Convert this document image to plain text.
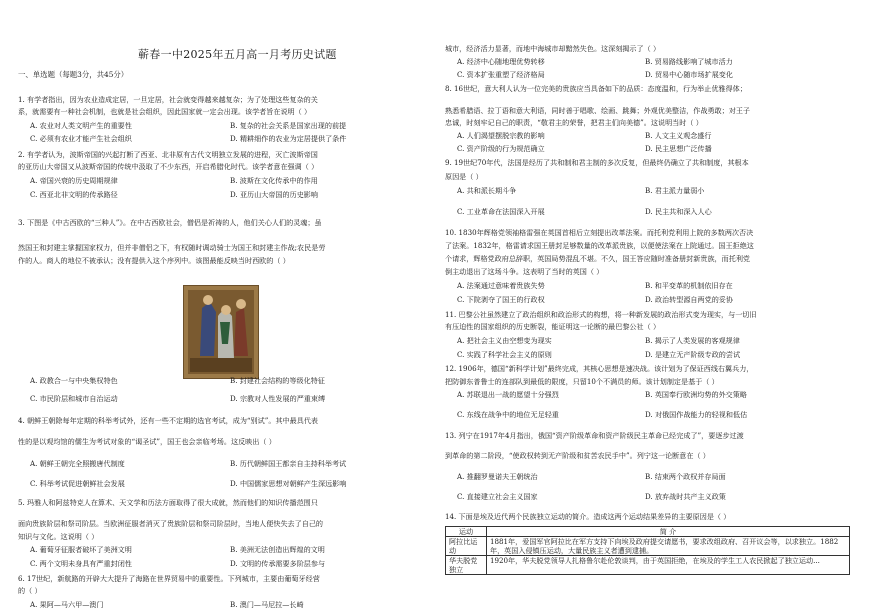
蕲春一中2025年五月高一月考历史试题
一、单选题（每题3分，共45分）
1. 有学者指出，因为农业造成定居，一旦定居，社会就变得越来越复杂；为了处理这些复杂的关
系，就需要有一种社会机制，也就是社会组织，因此国家就一定会出现。该学者旨在说明（ ）
A. 农业对人类文明产生的重要性	B. 复杂的社会关系是国家出现的前提
C. 必须有农业才能产生社会组织	D. 精耕细作的农业为定居提供了条件
2. 有学者认为，波斯帝国的兴起打断了西亚、北非原有古代文明独立发展的进程，灭亡波斯帝国
的亚历山大帝国又从波斯帝国的传统中汲取了不少东西，开启希腊化时代。该学者意在强调（ ）
A. 帝国兴衰的历史周期规律	B. 波斯在文化传承中的作用
C. 西亚北非文明的传承路径	D. 亚历山大帝国的历史影响
3. 下图是《中古西欧的“三种人”》。在中古西欧社会，僧侣是祈祷的人，他们关心人们的灵魂；虽
然国王和封建主掌握国家权力，但并非僧侣之下，有权随时调动骑士为国王和封建主作战;农民是劳
作的人。商人的地位不被承认；没有提供入这个序列中。该图最能反映当时西欧的（ ）
A. 政教合一与中央集权特色	B. 封建社会结构的等级化特征
C. 市民阶层和城市自治运动	D. 宗教对人性发展的严重束缚
4. 朝鲜王朝除每年定期的科举考试外，还有一些不定期的选官考试，成为“别试”。其中最具代表
性的是以观均馆的儒生为考试对象的“谒圣试”，国王也会亲临考场。这反映出（ ）
A. 朝鲜王朝完全照搬唐代制度	B. 历代朝鲜国王都亲自主持科举考试
C. 科举考试促进朝鲜社会发展	D. 中国儒家思想对朝鲜产生深远影响
5. 玛雅人和阿兹特克人在算术、天文学和历法方面取得了很大成就，然而他们的知识传播范围只
面向贵族阶层和祭司阶层。当欧洲征服者消灭了贵族阶层和祭司阶层时，当地人便快失去了自己的
知识与文化。这说明（ ）
A. 葡萄牙征服者破坏了美洲文明	B. 美洲无法创造出辉煌的文明
C. 两个文明未身具有严重封闭性	D. 文明的传承需要多阶层参与
6. 17世纪，新航路的开辟大大提升了海路在世界贸易中的重要性。下列城市，主要由葡萄牙经营
的（ ）
A. 果阿—马六甲—澳门	B. 澳门—马尼拉—长崎
城市，经济活力显著，而地中海城市却黯然失色。这深刻揭示了（ ）
A. 经济中心随地理优势转移	B. 贸易路线影响了城市活力
C. 资本扩张重塑了经济格局	D. 贸易中心随市场扩展变化
8. 16世纪，意大利人认为一位完美的贵族应当具备如下的品质：态度温和，行为举止优雅得体；
熟悉希腊语、拉丁语和意大利语，同时善于唱歌、绘画、跳舞；外观优美整洁，作战勇敢；对王子
忠诚，时刻牢记自己的职责，“敬君主的荣誉，把君主们向美德”。这说明当时（ ）
A. 人们渴望摆脱宗教的影响	B. 人文主义观念盛行
C. 资产阶级的行为规范确立	D. 民主思想广泛传播
9. 19世纪70年代，法国是经历了共和制和君主制的多次反复，但最终仍确立了共和制度，其根本
原因是（ ）
A. 共和派长期斗争	B. 君主派力量弱小
C. 工业革命在法国深入开展	D. 民主共和深入人心
10. 1830年辉格党领袖格雷强在英国首相后立刻提出改革法案。而托利党利用上院的多数两次否决
了法案。1832年，格雷请求国王册封足够数量的改革派贵族，以便使法案在上院通过。国王拒绝这
个请求，辉格党政府总辞职，英国局势混乱不堪。不久，国王答应随时准备册封新贵族，而托利党
倒主动退出了这场斗争。这表明了当时的英国（ ）
A. 法案通过意味着贵族失势	B. 和平变革的机制依旧存在
C. 下院剥夺了国王的行政权	D. 政治转型源自两党的妥协
11. 巴黎公社虽然建立了政治组织和政治形式的构想，将一种新发展的政治形式变为现实，与一切旧
有压迫性的国家组织的历史断裂，能证明这一论断的最巴黎公社（ ）
A. 把社会主义由空想变为现实	B. 揭示了人类发展的客观规律
C. 实践了科学社会主义的原则	D. 是建立无产阶级专政的尝试
12. 1906年，德国“新科学计划”最终完成，其核心思想是速决战。该计划为了保证西线右翼兵力，
把防御东普鲁士的连部队到最低的限度，只留10个不满员的师。该计划制定是基于（ ）
A. 苏联退出一战的愿望十分强烈	B. 英国奉行欧洲均势的外交策略
C. 东线在战争中的地位无足轻重	D. 对俄国作战能力的轻视和低估
13. 列宁在1917年4月指出，俄国“资产阶级革命和资产阶级民主革命已经完成了”，要逐步过渡
到革命的第二阶段，“使政权转到无产阶级和贫苦农民手中”。列宁这一论断意在（ ）
A. 推翻罗曼诺夫王朝统治	B. 结束两个政权并存局面
C. 直接建立社会主义国家	D. 放弃战时共产主义政策
14. 下面是埃及近代两个民族独立运动的简介。造成这两个运动结果差异的主要原因是（ ）
运动	简 介
阿拉比运动	1881年，爱国军官阿拉比在军方支持下向埃及政府提交请愿书，要求改组政府、召开议会等，以求独立。1882年，英国入侵镇压运动，大量民族主义者遭到逮捕。
华夫脱党独立	1920年，华夫脱党领导人扎格鲁尔赴伦敦谈判，由于英国拒绝，在埃及的学生工人农民掀起了独立运动...
